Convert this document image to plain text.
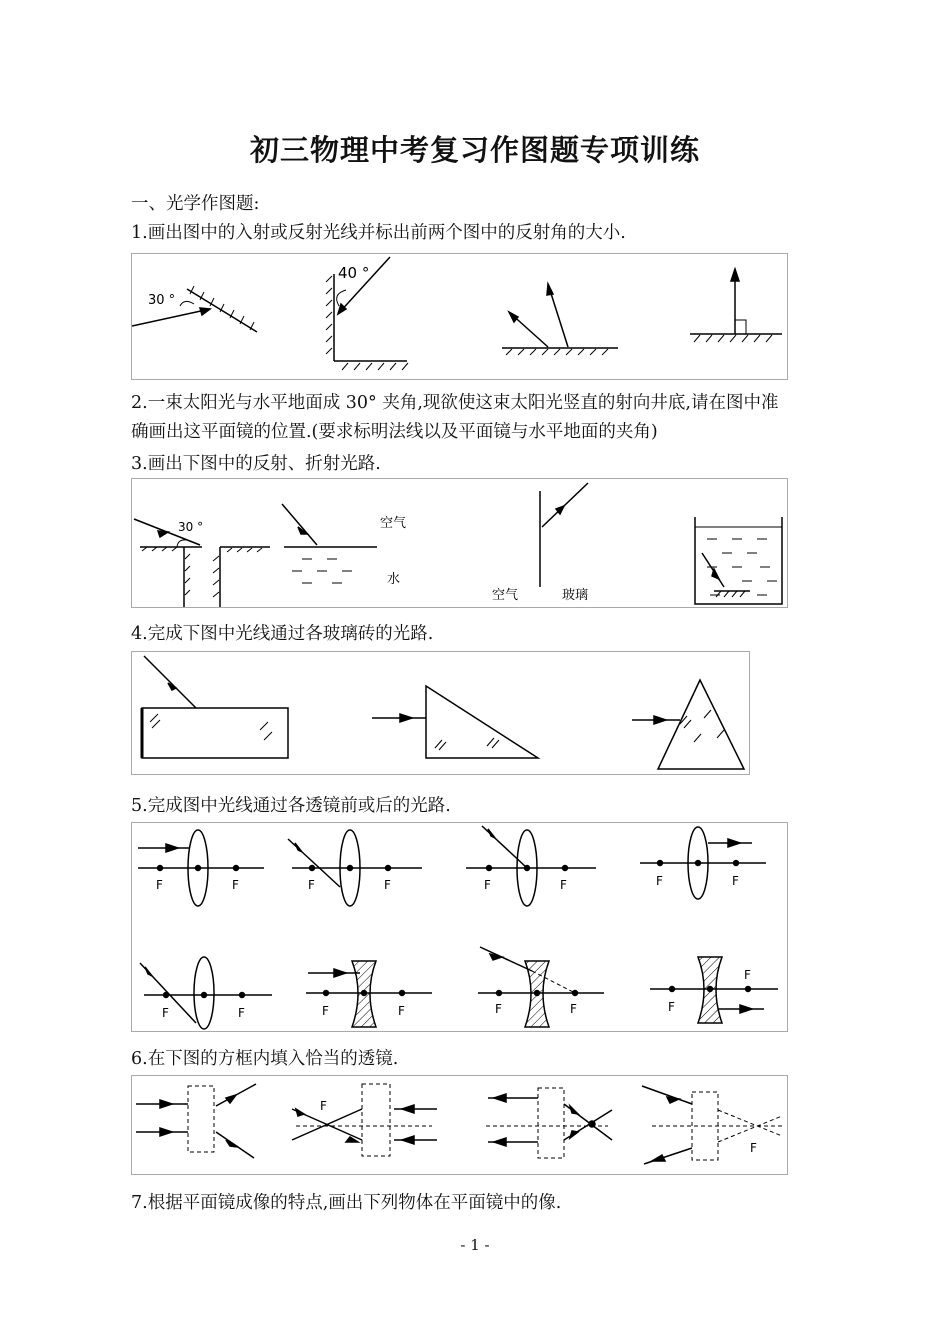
初三物理中考复习作图题专项训练
一、光学作图题:
1.画出图中的入射或反射光线并标出前两个图中的反射角的大小.
30 °
40 °
2.一束太阳光与水平地面成 30° 夹角,现欲使这束太阳光竖直的射向井底,请在图中准确画出这平面镜的位置.(要求标明法线以及平面镜与水平地面的夹角)
3.画出下图中的反射、折射光路.
30 °	空气
水
空气	玻璃
4.完成下图中光线通过各玻璃砖的光路.
5.完成图中光线通过各透镜前或后的光路.
F	F	F	F	F	F	F	F
F	F	F	F	F	F	F
F
6.在下图的方框内填入恰当的透镜.
F
F
7.根据平面镜成像的特点,画出下列物体在平面镜中的像.
- 1 -
